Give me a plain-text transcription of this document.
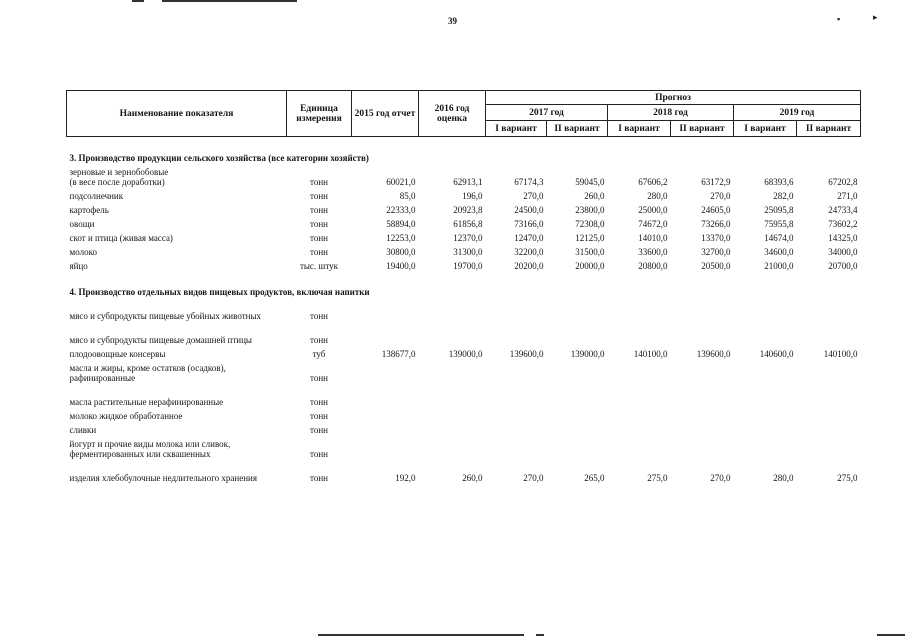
39	▪	▸
Наименование показателя	Единица измерения	2015 год отчет	2016 год оценка	Прогноз					
				2017 год		2018 год		2019 год	
				I вариант	II вариант	I вариант	II вариант	I вариант	II вариант
3. Производство продукции сельского хозяйства (все категории хозяйств)									
зерновые и зернобобовые
(в весе после доработки)	тонн	60021,0	62913,1	67174,3	59045,0	67606,2	63172,9	68393,6	67202,8
подсолнечник	тонн	85,0	196,0	270,0	260,0	280,0	270,0	282,0	271,0
картофель	тонн	22333,0	20923,8	24500,0	23800,0	25000,0	24605,0	25095,8	24733,4
овощи	тонн	58894,0	61856,8	73166,0	72308,0	74672,0	73266,0	75955,8	73602,2
скот и птица (живая масса)	тонн	12253,0	12370,0	12470,0	12125,0	14010,0	13370,0	14674,0	14325,0
молоко	тонн	30800,0	31300,0	32200,0	31500,0	33600,0	32700,0	34600,0	34000,0
яйцо	тыс. штук	19400,0	19700,0	20200,0	20000,0	20800,0	20500,0	21000,0	20700,0
4. Производство отдельных видов пищевых продуктов, включая напитки									
мясо и субпродукты пищевые убойных животных	тонн								
мясо и субпродукты пищевые домашней птицы	тонн								
плодоовощные консервы	туб	138677,0	139000,0	139600,0	139000,0	140100,0	139600,0	140600,0	140100,0
масла и жиры, кроме остатков (осадков), рафинированные	тонн								
масла растительные нерафинированные	тонн								
молоко жидкое обработанное	тонн								
сливки	тонн								
йогурт и прочие виды молока или сливок, ферментированных или сквашенных	тонн								
изделия хлебобулочные недлительного хранения	тонн	192,0	260,0	270,0	265,0	275,0	270,0	280,0	275,0
